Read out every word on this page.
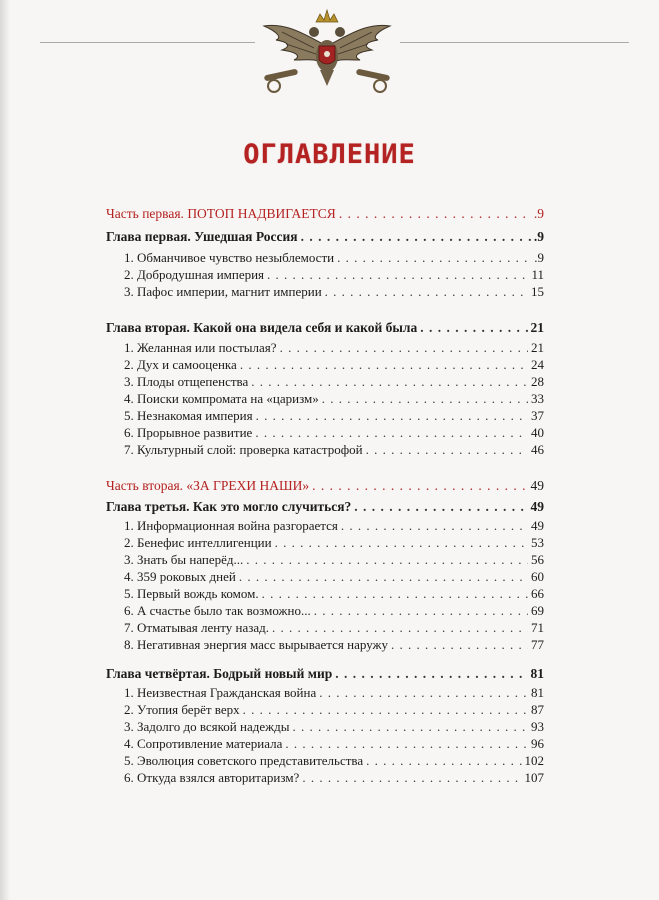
ОГЛАВЛЕНИЕ
Часть первая. ПОТОП НАДВИГАЕТСЯ . . .	.9
Глава первая. Ушедшая Россия . . .	.9
1. Обманчивое чувство незыблемости . . .	.9
2. Добродушная империя . . .	11
3. Пафос империи, магнит империи . . .	15
Глава вторая. Какой она видела себя и какой была . . .	21
1. Желанная или постылая? . . .	21
2. Дух и самооценка . . .	24
3. Плоды отщепенства . . .	28
4. Поиски компромата на «царизм» . . .	33
5. Незнакомая империя . . .	37
6. Прорывное развитие . . .	40
7. Культурный слой: проверка катастрофой . . .	46
Часть вторая. «ЗА ГРЕХИ НАШИ» . . .	49
Глава третья. Как это могло случиться? . . .	49
1. Информационная война разгорается . . .	49
2. Бенефис интеллигенции . . .	53
3. Знать бы наперёд... . . .	56
4. 359 роковых дней . . .	60
5. Первый вождь комом. . . .	66
6. А счастье было так возможно... . . .	69
7. Отматывая ленту назад. . . .	71
8. Негативная энергия масс вырывается наружу . . .	77
Глава четвёртая. Бодрый новый мир . . .	81
1. Неизвестная Гражданская война . . .	81
2. Утопия берёт верх . . .	87
3. Задолго до всякой надежды . . .	93
4. Сопротивление материала . . .	96
5. Эволюция советского представительства . . .	102
6. Откуда взялся авторитаризм? . . .	107
